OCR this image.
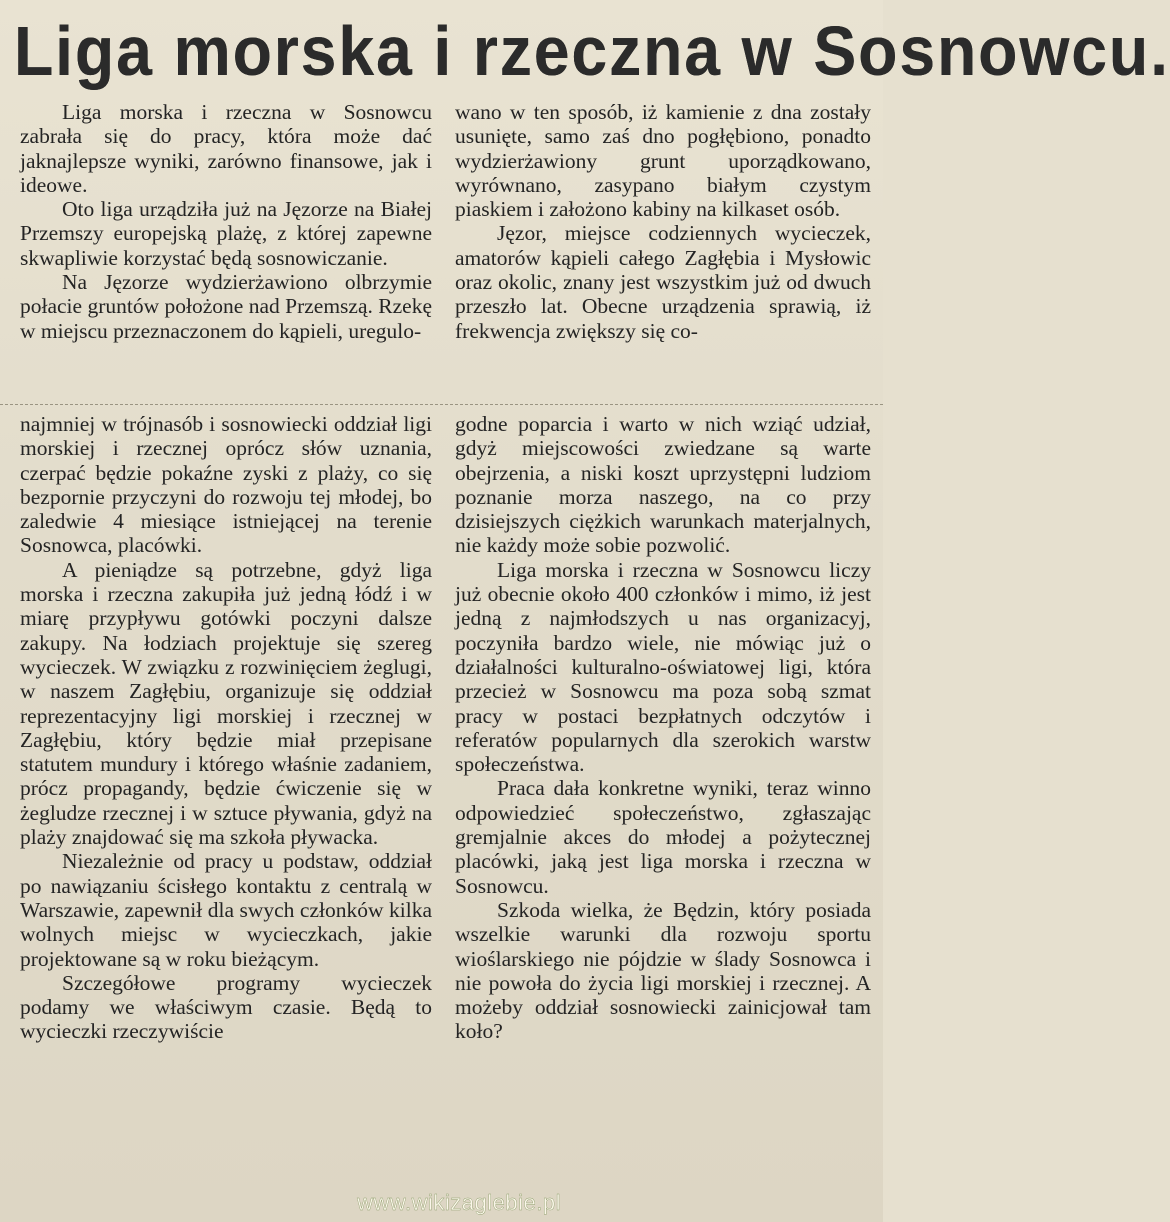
Liga morska i rzeczna w Sosnowcu.

Liga morska i rzeczna w Sosnowcu zabrała się do pracy, która może dać jaknajlepsze wyniki, zarówno finansowe, jak i ideowe.

Oto liga urządziła już na Jęzorze na Białej Przemszy europejską plażę, z której zapewne skwapliwie korzystać będą sosnowiczanie.

Na Jęzorze wydzierżawiono olbrzymie połacie gruntów położone nad Przemszą. Rzekę w miejscu przeznaczonem do kąpieli, uregulo-

wano w ten sposób, iż kamienie z dna zostały usunięte, samo zaś dno pogłębiono, ponadto wydzierżawiony grunt uporządkowano, wyrównano, zasypano białym czystym piaskiem i założono kabiny na kilkaset osób.

Jęzor, miejsce codziennych wycieczek, amatorów kąpieli całego Zagłębia i Mysłowic oraz okolic, znany jest wszystkim już od dwuch przeszło lat. Obecne urządzenia sprawią, iż frekwencja zwiększy się co-

najmniej w trójnasób i sosnowiecki oddział ligi morskiej i rzecznej oprócz słów uznania, czerpać będzie pokaźne zyski z plaży, co się bezpornie przyczyni do rozwoju tej młodej, bo zaledwie 4 miesiące istniejącej na terenie Sosnowca, placówki.

A pieniądze są potrzebne, gdyż liga morska i rzeczna zakupiła już jedną łódź i w miarę przypływu gotówki poczyni dalsze zakupy. Na łodziach projektuje się szereg wycieczek. W związku z rozwinięciem żeglugi, w naszem Zagłębiu, organizuje się oddział reprezentacyjny ligi morskiej i rzecznej w Zagłębiu, który będzie miał przepisane statutem mundury i którego właśnie zadaniem, prócz propagandy, będzie ćwiczenie się w żegludze rzecznej i w sztuce pływania, gdyż na plaży znajdować się ma szkoła pływacka.

Niezależnie od pracy u podstaw, oddział po nawiązaniu ścisłego kontaktu z centralą w Warszawie, zapewnił dla swych członków kilka wolnych miejsc w wycieczkach, jakie projektowane są w roku bieżącym.

Szczegółowe programy wycieczek podamy we właściwym czasie. Będą to wycieczki rzeczywiście

godne poparcia i warto w nich wziąć udział, gdyż miejscowości zwiedzane są warte obejrzenia, a niski koszt uprzystępni ludziom poznanie morza naszego, na co przy dzisiejszych ciężkich warunkach materjalnych, nie każdy może sobie pozwolić.

Liga morska i rzeczna w Sosnowcu liczy już obecnie około 400 członków i mimo, iż jest jedną z najmłodszych u nas organizacyj, poczyniła bardzo wiele, nie mówiąc już o działalności kulturalno-oświatowej ligi, która przecież w Sosnowcu ma poza sobą szmat pracy w postaci bezpłatnych odczytów i referatów popularnych dla szerokich warstw społeczeństwa.

Praca dała konkretne wyniki, teraz winno odpowiedzieć społeczeństwo, zgłaszając gremjalnie akces do młodej a pożytecznej placówki, jaką jest liga morska i rzeczna w Sosnowcu.

Szkoda wielka, że Będzin, który posiada wszelkie warunki dla rozwoju sportu wioślarskiego nie pójdzie w ślady Sosnowca i nie powoła do życia ligi morskiej i rzecznej. A możeby oddział sosnowiecki zainicjował tam koło?

www.wikizaglebie.pl
